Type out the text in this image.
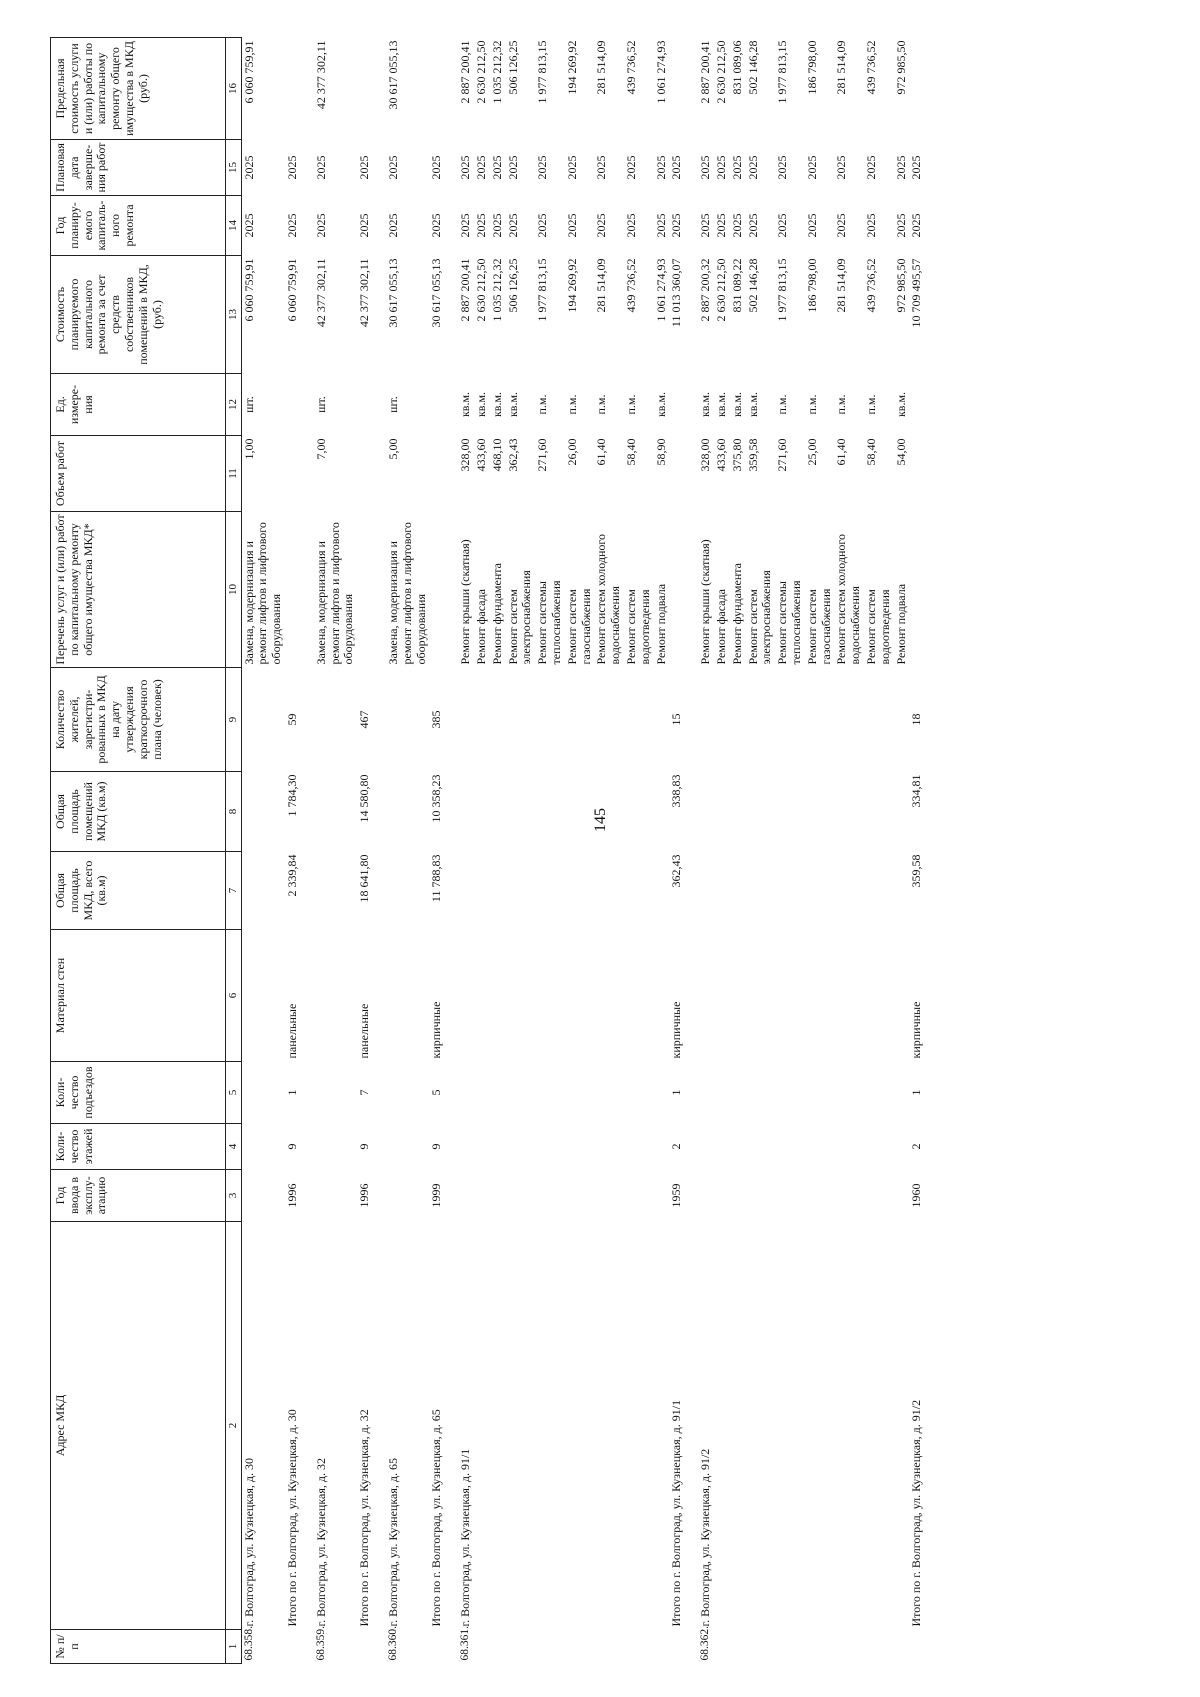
145
№ п/п	Адрес МКД	Год ввода в эксплу-атацию	Коли-чество этажей	Коли-чество подъездов	Материал стен	Общая площадь МКД, всего (кв.м)	Общая площадь помещений МКД (кв.м)	Количество жителей, зарегистри-рованных в МКД на дату утверждения краткосрочного плана (человек)	Перечень услуг и (или) работ по капитальному ремонту общего имущества МКД*	Объем работ	Ед. измере-ния	Стоимость планируемого капитального ремонта за счет средств собственников помещений в МКД, (руб.)	Год планиру-емого капиталь-ного ремонта	Плановая дата заверше-ния работ	Предельная стоимость услуги и (или) работы по капитальному ремонту общего имущества в МКД (руб.)
1	2	3	4	5	6	7	8	9	10	11	12	13	14	15	16
68.358.	г. Волгоград, ул. Кузнецкая, д. 30								Замена, модернизация и ремонт лифтов и лифтового оборудования	1,00	шт.	6 060 759,91	2025	2025	6 060 759,91
	Итого по г. Волгоград, ул. Кузнецкая, д. 30	1996	9	1	панельные	2 339,84	1 784,30	59				6 060 759,91	2025	2025	
68.359.	г. Волгоград, ул. Кузнецкая, д. 32								Замена, модернизация и ремонт лифтов и лифтового оборудования	7,00	шт.	42 377 302,11	2025	2025	42 377 302,11
	Итого по г. Волгоград, ул. Кузнецкая, д. 32	1996	9	7	панельные	18 641,80	14 580,80	467				42 377 302,11	2025	2025	
68.360.	г. Волгоград, ул. Кузнецкая, д. 65								Замена, модернизация и ремонт лифтов и лифтового оборудования	5,00	шт.	30 617 055,13	2025	2025	30 617 055,13
	Итого по г. Волгоград, ул. Кузнецкая, д. 65	1999	9	5	кирпичные	11 788,83	10 358,23	385				30 617 055,13	2025	2025	
68.361.	г. Волгоград, ул. Кузнецкая, д. 91/1								Ремонт крыши (скатная)	328,00	кв.м.	2 887 200,41	2025	2025	2 887 200,41
									Ремонт фасада	433,60	кв.м.	2 630 212,50	2025	2025	2 630 212,50
									Ремонт фундамента	468,10	кв.м.	1 035 212,32	2025	2025	1 035 212,32
									Ремонт систем электроснабжения	362,43	кв.м.	506 126,25	2025	2025	506 126,25
									Ремонт системы теплоснабжения	271,60	п.м.	1 977 813,15	2025	2025	1 977 813,15
									Ремонт систем газоснабжения	26,00	п.м.	194 269,92	2025	2025	194 269,92
									Ремонт систем холодного водоснабжения	61,40	п.м.	281 514,09	2025	2025	281 514,09
									Ремонт систем водоотведения	58,40	п.м.	439 736,52	2025	2025	439 736,52
									Ремонт подвала	58,90	кв.м.	1 061 274,93	2025	2025	1 061 274,93
	Итого по г. Волгоград, ул. Кузнецкая, д. 91/1	1959	2	1	кирпичные	362,43	338,83	15				11 013 360,07	2025	2025	
68.362.	г. Волгоград, ул. Кузнецкая, д. 91/2								Ремонт крыши (скатная)	328,00	кв.м.	2 887 200,32	2025	2025	2 887 200,41
									Ремонт фасада	433,60	кв.м.	2 630 212,50	2025	2025	2 630 212,50
									Ремонт фундамента	375,80	кв.м.	831 089,22	2025	2025	831 089,06
									Ремонт систем электроснабжения	359,58	кв.м.	502 146,28	2025	2025	502 146,28
									Ремонт системы теплоснабжения	271,60	п.м.	1 977 813,15	2025	2025	1 977 813,15
									Ремонт систем газоснабжения	25,00	п.м.	186 798,00	2025	2025	186 798,00
									Ремонт систем холодного водоснабжения	61,40	п.м.	281 514,09	2025	2025	281 514,09
									Ремонт систем водоотведения	58,40	п.м.	439 736,52	2025	2025	439 736,52
									Ремонт подвала	54,00	кв.м.	972 985,50	2025	2025	972 985,50
	Итого по г. Волгоград, ул. Кузнецкая, д. 91/2	1960	2	1	кирпичные	359,58	334,81	18				10 709 495,57	2025	2025	
